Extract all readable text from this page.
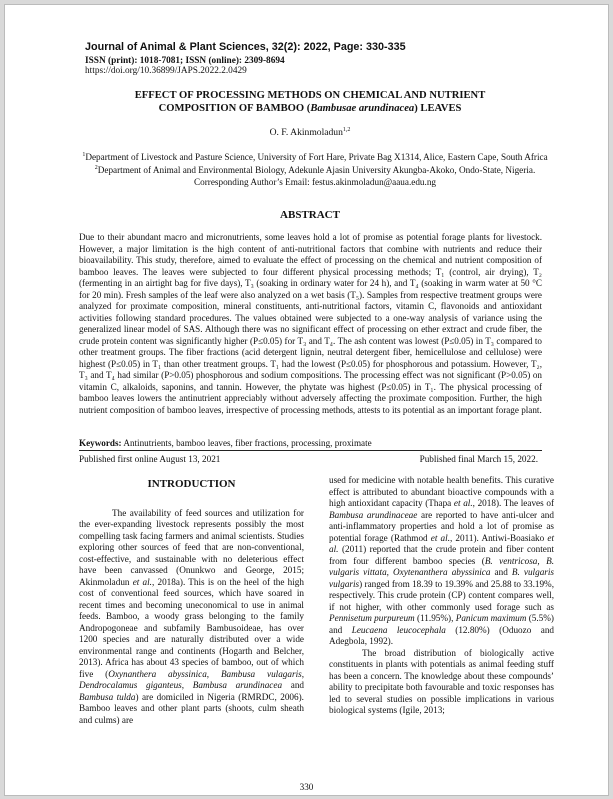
Journal of Animal & Plant Sciences, 32(2): 2022, Page: 330-335
ISSN (print): 1018-7081; ISSN (online): 2309-8694
https://doi.org/10.36899/JAPS.2022.2.0429
EFFECT OF PROCESSING METHODS ON CHEMICAL AND NUTRIENT
COMPOSITION OF BAMBOO (Bambusae arundinacea) LEAVES
O. F. Akinmoladun$^{1,2}$

$^1$Department of Livestock and Pasture Science, University of Fort Hare, Private Bag X1314, Alice, Eastern Cape, South Africa

$^2$Department of Animal and Environmental Biology, Adekunle Ajasin University Akungba-Akoko, Ondo-State, Nigeria.

Corresponding Author’s Email: festus.akinmoladun@aaua.edu.ng

ABSTRACT

Due to their abundant macro and micronutrients, some leaves hold a lot of promise as potential forage plants for livestock. However, a major limitation is the high content of anti-nutritional factors that combine with nutrients and reduce their bioavailability. This study, therefore, aimed to evaluate the effect of processing on the chemical and nutrient composition of bamboo leaves. The leaves were subjected to four different physical processing methods; T₁ (control, air drying), T₂ (fermenting in an airtight bag for five days), T₃ (soaking in ordinary water for 24 h), and T₄ (soaking in warm water at 50 °C for 20 min). Fresh samples of the leaf were also analyzed on a wet basis (T₅). Samples from respective treatment groups were analyzed for proximate composition, mineral constituents, anti-nutritional factors, vitamin C, flavonoids and antioxidant activities following standard procedures. The values obtained were subjected to a one-way analysis of variance using the generalized linear model of SAS. Although there was no significant effect of processing on ether extract and crude fiber, the crude protein content was significantly higher (P≤0.05) for T₃ and T₄. The ash content was lowest (P≤0.05) in T₃ compared to other treatment groups. The fiber fractions (acid detergent lignin, neutral detergent fiber, hemicellulose and cellulose) were highest (P≤0.05) in T₁ than other treatment groups. T₁ had the lowest (P≤0.05) for phosphorous and potassium. However, T₂, T₃ and T₄ had similar (P>0.05) phosphorous and sodium compositions. The processing effect was not significant (P>0.05) on vitamin C, alkaloids, saponins, and tannin. However, the phytate was highest (P≤0.05) in T₁. The physical processing of bamboo leaves lowers the antinutrient appreciably without adversely affecting the proximate composition. Further, the high nutrient composition of bamboo leaves, irrespective of processing methods, attests to its potential as an important forage plant.

Keywords: Antinutrients, bamboo leaves, fiber fractions, processing, proximate
Published first online August 13, 2021	Published final March 15, 2022.

INTRODUCTION

The availability of feed sources and utilization for the ever-expanding livestock represents possibly the most compelling task facing farmers and animal scientists. Studies exploring other sources of feed that are non-conventional, cost-effective, and sustainable with no deleterious effect have been canvassed (Onunkwo and George, 2015; Akinmoladun et al., 2018a). This is on the heel of the high cost of conventional feed sources, which have soared in recent times and becoming uneconomical to use in animal feeds. Bamboo, a woody grass belonging to the family Andropogoneae and subfamily Bambusoideae, has over 1200 species and are naturally distributed over a wide environmental range and continents (Hogarth and Belcher, 2013). Africa has about 43 species of bamboo, out of which five (Oxynanthera abyssinica, Bambusa vulagaris, Dendrocalamus giganteus, Bambusa arundinacea and Bambusa tulda) are domiciled in Nigeria (RMRDC, 2006). Bamboo leaves and other plant parts (shoots, culm sheath and culms) are

used for medicine with notable health benefits. This curative effect is attributed to abundant bioactive compounds with a high antioxidant capacity (Thapa et al., 2018). The leaves of Bambusa arundinaceae are reported to have anti-ulcer and anti-inflammatory properties and hold a lot of promise as potential forage (Rathmod et al., 2011). Antiwi-Boasiako et al. (2011) reported that the crude protein and fiber content from four different bamboo species (B. ventricosa, B. vulgaris vittata, Oxytenanthera abyssinica and B. vulgaris vulgaris) ranged from 18.39 to 19.39% and 25.88 to 33.19%, respectively. This crude protein (CP) content compares well, if not higher, with other commonly used forage such as Pennisetum purpureum (11.95%), Panicum maximum (5.5%) and Leucaena leucocephala (12.80%) (Oduozo and Adegbola, 1992).

The broad distribution of biologically active constituents in plants with potentials as animal feeding stuff has been a concern. The knowledge about these compounds’ ability to precipitate both favourable and toxic responses has led to several studies on possible implications in various biological systems (Igile, 2013;

330
